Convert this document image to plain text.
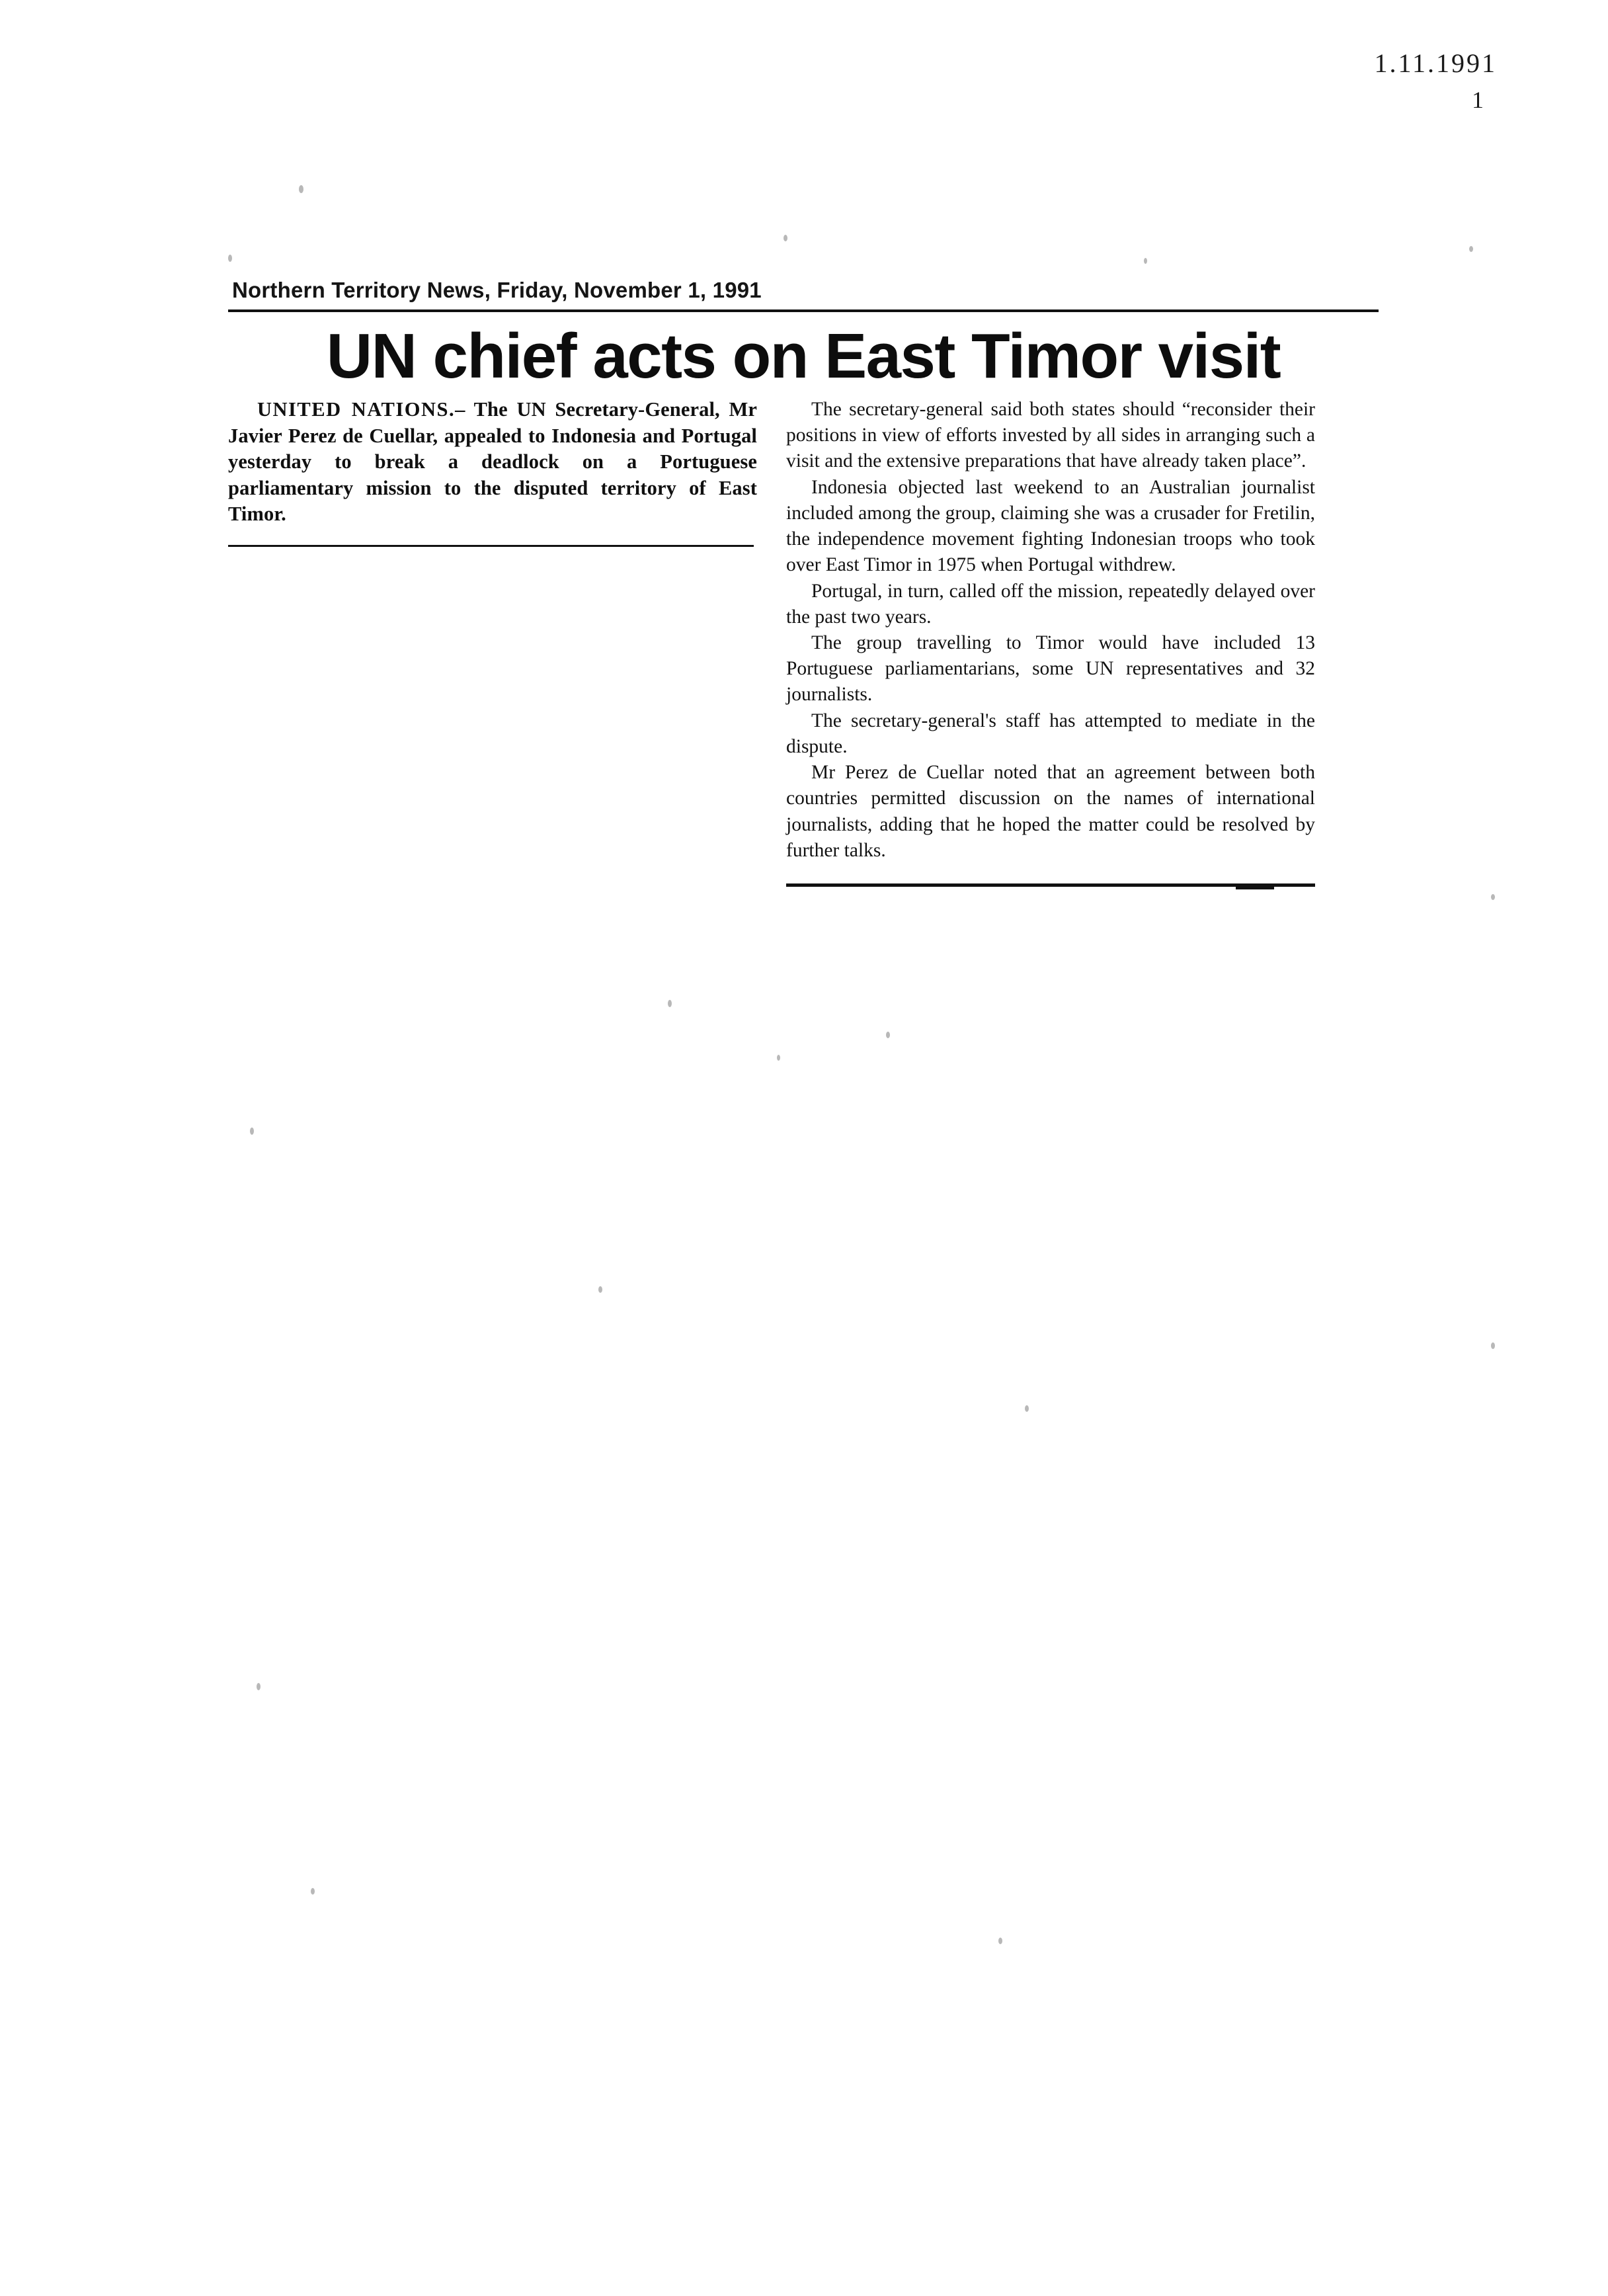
1.11.1991
1
Northern Territory News, Friday, November 1, 1991
UN chief acts on East Timor visit
UNITED NATIONS.– The UN Secretary-General, Mr Javier Perez de Cuellar, appealed to Indonesia and Portugal yesterday to break a deadlock on a Portuguese parliamentary mission to the disputed territory of East Timor.

The secretary-general said both states should “reconsider their positions in view of efforts invested by all sides in arranging such a visit and the extensive preparations that have already taken place”.

Indonesia objected last weekend to an Australian journalist included among the group, claiming she was a crusader for Fretilin, the independence movement fighting Indonesian troops who took over East Timor in 1975 when Portugal withdrew.

Portugal, in turn, called off the mission, repeatedly delayed over the past two years.

The group travelling to Timor would have included 13 Portuguese parliamentarians, some UN representatives and 32 journalists.

The secretary-general's staff has attempted to mediate in the dispute.

Mr Perez de Cuellar noted that an agreement between both countries permitted discussion on the names of international journalists, adding that he hoped the matter could be resolved by further talks.
